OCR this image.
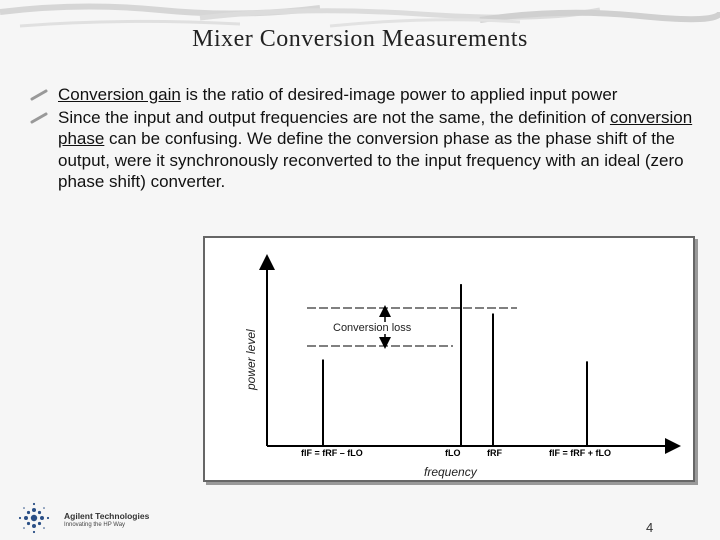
Mixer Conversion Measurements
Conversion gain is the ratio of desired-image power to applied input power
Since the input and output frequencies are not the same, the definition of conversion phase can be confusing. We define the conversion phase as the phase shift of the output, were it synchronously reconverted to the input frequency with an ideal (zero phase shift) converter.
power level
frequency
Conversion loss
fIF = fRF – fLO	fLO	fRF	fIF = fRF + fLO
Agilent Technologies
Innovating the HP Way	4
